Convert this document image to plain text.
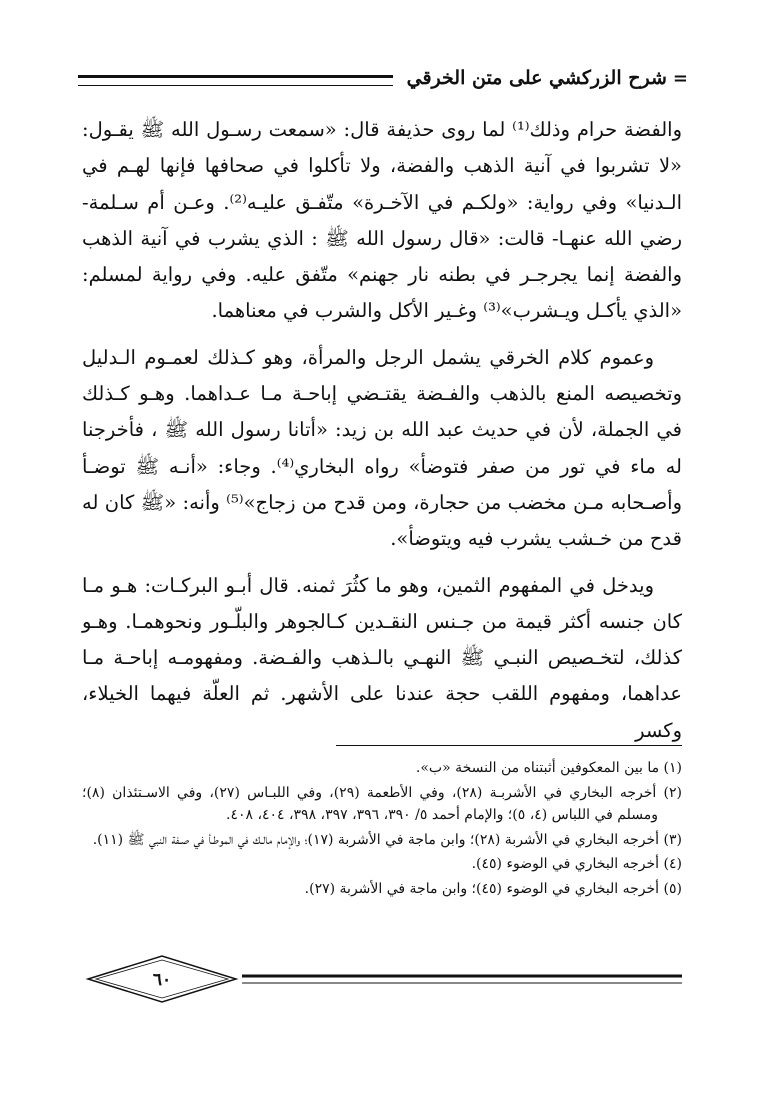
=
شرح الزركشي على متن الخرقي

والفضة حرام وذلك⁽¹⁾ لما روى حذيفة قال: «سمعت رسـول الله ﷺ يقـول: «لا تشربوا في آنية الذهب والفضة، ولا تأكلوا في صحافها فإنها لهـم في الـدنيا» وفي رواية: «ولكـم في الآخـرة» متّفـق عليـه⁽²⁾. وعـن أم سـلمة- رضي الله عنهـا- قالت: «قال رسول الله ﷺ : الذي يشرب في آنية الذهب والفضة إنما يجرجـر في بطنه نار جهنم» متّفق عليه. وفي رواية لمسلم: «الذي يأكـل ويـشرب»⁽³⁾ وغـير الأكل والشرب في معناهما.

وعموم كلام الخرقي يشمل الرجل والمرأة، وهو كـذلك لعمـوم الـدليل وتخصيصه المنع بالذهب والفـضة يقتـضي إباحـة مـا عـداهما. وهـو كـذلك في الجملة، لأن في حديث عبد الله بن زيد: «أتانا رسول الله ﷺ ، فأخرجنا له ماء في تور من صفر فتوضأ» رواه البخاري⁽⁴⁾. وجاء: «أنـه ﷺ توضـأ وأصـحابه مـن مخضب من حجارة، ومن قدح من زجاج»⁽⁵⁾ وأنه: «ﷺ كان له قدح من خـشب يشرب فيه ويتوضأ».

ويدخل في المفهوم الثمين، وهو ما كثُرَ ثمنه. قال أبـو البركـات: هـو مـا كان جنسه أكثر قيمة من جـنس النقـدين كـالجوهر والبلّـور ونحوهمـا. وهـو كذلك، لتخـصيص النبـي ﷺ النهـي بالـذهب والفـضة. ومفهومـه إباحـة مـا عداهما، ومفهوم اللقب حجة عندنا على الأشهر. ثم العلّة فيهما الخيلاء، وكسر

(١) ما بين المعكوفين أثبتناه من النسخة «ب».

(٢) أخرجه البخاري في الأشربـة (٢٨)، وفي الأطعمة (٢٩)، وفي اللبـاس (٢٧)، وفي الاسـتئذان (٨)؛ ومسلم في اللباس (٤، ٥)؛ والإمام أحمد ٥/ ٣٩٠، ٣٩٦، ٣٩٧، ٣٩٨، ٤٠٤، ٤٠٨.

(٣) أخرجه البخاري في الأشربة (٢٨)؛ وابن ماجة في الأشربة (١٧)؛ والإمام مالـك في الموطـأ في صـفة النبي ﷺ (١١).

(٤) أخرجه البخاري في الوضوء (٤٥).

(٥) أخرجه البخاري في الوضوء (٤٥)؛ وابن ماجة في الأشربة (٢٧).

٦٠
